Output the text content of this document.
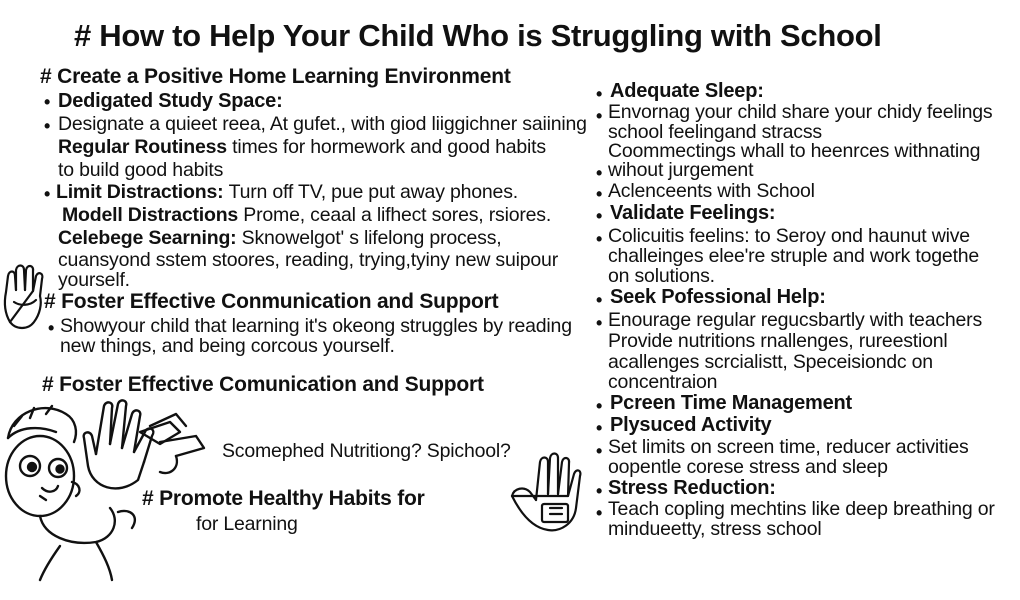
# How to Help Your Child Who is Struggling with School
# Create a Positive Home Learning Environment
• Dedigated Study Space:
• Designate a quieet reea, At gufet., with giod liiggichner saiining
Regular Routiness times for hormework and good habits
to build good habits
• Limit Distractions: Turn off TV, pue put away phones.
Modell Distractions Prome, ceaal a lifhect sores, rsiores.
Celebege Searning: Sknowelgot' s lifelong process,
cuansyond sstem stoores, reading, trying,tyiny new suipour
yourself.
# Foster Effective Conmunication and Support
• Showyour child that learning it's okeong struggles by reading
new things, and being corcous yourself.
# Foster Effective Comunication and Support
Scomephed Nutritiong? Spichool?
# Promote Healthy Habits for
for Learning
• Adequate Sleep:
• Envornag your child share your chidy feelings
school feelingand stracss
Coommectings whall to heenrces withnating
• wihout jurgement
• Aclenceents with School
• Validate Feelings:
• Colicuitis feelins: to Seroy ond haunut wive
challeinges elee're struple and work togethe
on solutions.
• Seek Pofessional Help:
• Enourage regular regucsbartly with teachers
Provide nutritions rnallenges, rureestionl
acallenges scrcialistt, Speceisiondc on
concentraion
• Pcreen Time Management
• Plysuced Activity
• Set limits on screen time, reducer activities
oopentle corese stress and sleep
• Stress Reduction:
• Teach copling mechtins like deep breathing or
mindueetty, stress school
